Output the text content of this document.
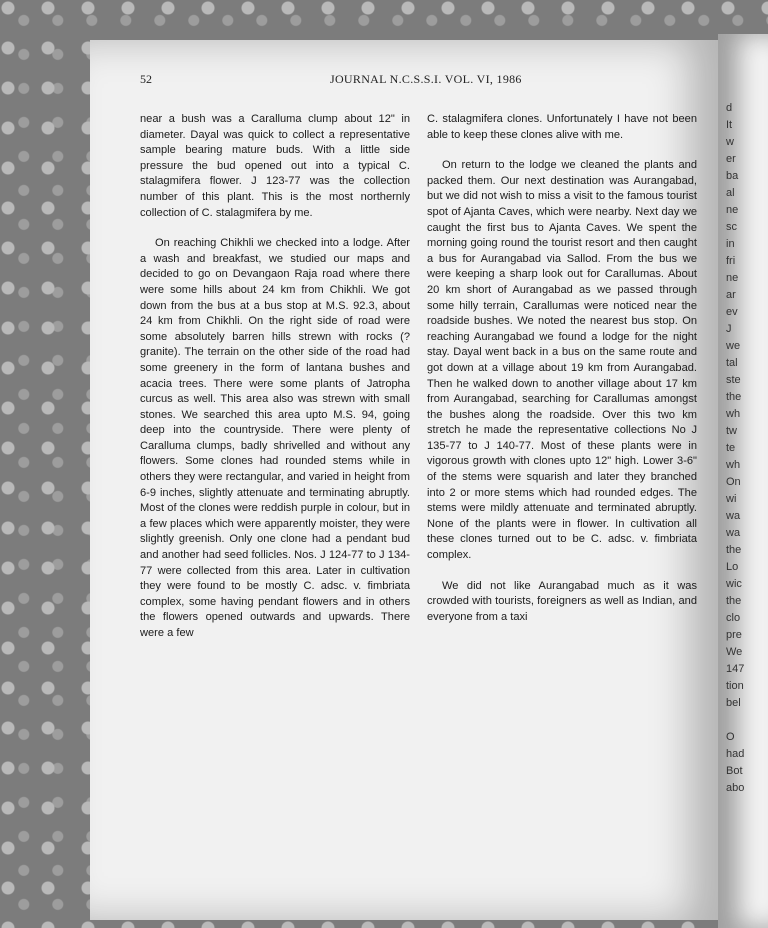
52	JOURNAL N.C.S.S.I. VOL. VI, 1986

near a bush was a Caralluma clump about 12" in diameter. Dayal was quick to collect a representative sample bearing mature buds. With a little side pressure the bud opened out into a typical C. stalagmifera flower. J 123-77 was the collection number of this plant. This is the most northernly collection of C. stalagmifera by me.

On reaching Chikhli we checked into a lodge. After a wash and breakfast, we studied our maps and decided to go on Devangaon Raja road where there were some hills about 24 km from Chikhli. We got down from the bus at a bus stop at M.S. 92.3, about 24 km from Chikhli. On the right side of road were some absolutely barren hills strewn with rocks (? granite). The terrain on the other side of the road had some greenery in the form of lantana bushes and acacia trees. There were some plants of Jatropha curcus as well. This area also was strewn with small stones. We searched this area upto M.S. 94, going deep into the countryside. There were plenty of Caralluma clumps, badly shrivelled and without any flowers. Some clones had rounded stems while in others they were rectangular, and varied in height from 6-9 inches, slightly attenuate and terminating abruptly. Most of the clones were reddish purple in colour, but in a few places which were apparently moister, they were slightly greenish. Only one clone had a pendant bud and another had seed follicles. Nos. J 124-77 to J 134-77 were collected from this area. Later in cultivation they were found to be mostly C. adsc. v. fimbriata complex, some having pendant flowers and in others the flowers opened outwards and upwards. There were a few

C. stalagmifera clones. Unfortunately I have not been able to keep these clones alive with me.

On return to the lodge we cleaned the plants and packed them. Our next destination was Aurangabad, but we did not wish to miss a visit to the famous tourist spot of Ajanta Caves, which were nearby. Next day we caught the first bus to Ajanta Caves. We spent the morning going round the tourist resort and then caught a bus for Aurangabad via Sallod. From the bus we were keeping a sharp look out for Carallumas. About 20 km short of Aurangabad as we passed through some hilly terrain, Carallumas were noticed near the roadside bushes. We noted the nearest bus stop. On reaching Aurangabad we found a lodge for the night stay. Dayal went back in a bus on the same route and got down at a village about 19 km from Aurangabad. Then he walked down to another village about 17 km from Aurangabad, searching for Carallumas amongst the bushes along the roadside. Over this two km stretch he made the representative collections No J 135-77 to J 140-77. Most of these plants were in vigorous growth with clones upto 12" high. Lower 3-6" of the stems were squarish and later they branched into 2 or more stems which had rounded edges. The stems were mildly attenuate and terminated abruptly. None of the plants were in flower. In cultivation all these clones turned out to be C. adsc. v. fimbriata complex.

We did not like Aurangabad much as it was crowded with tourists, foreigners as well as Indian, and everyone from a taxi

d
It
w
er
ba
al
ne
sc
in
fri
ne
ar
ev
J
we
tal
ste
the
wh
tw
te
wh
On
wi
wa
wa
the
Lo
wic
the
clo
pre
We
147
tion
bel

O
had
Bot
abo
